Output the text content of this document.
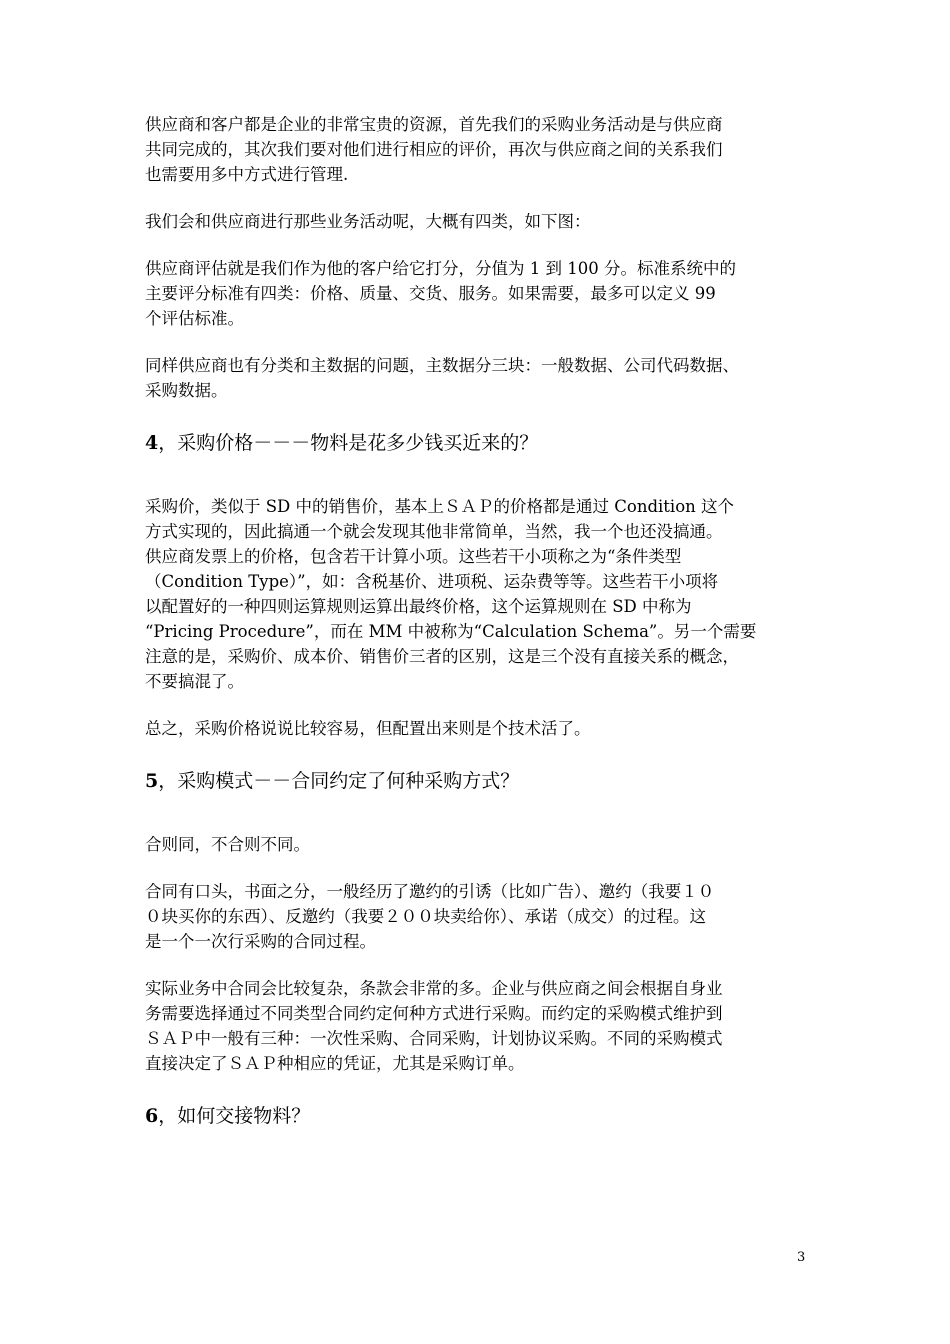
供应商和客户都是企业的非常宝贵的资源，首先我们的采购业务活动是与供应商
共同完成的，其次我们要对他们进行相应的评价，再次与供应商之间的关系我们
也需要用多中方式进行管理.

我们会和供应商进行那些业务活动呢，大概有四类，如下图：

供应商评估就是我们作为他的客户给它打分，分值为 1 到 100 分。标准系统中的
主要评分标准有四类：价格、质量、交货、服务。如果需要，最多可以定义 99
个评估标准。

同样供应商也有分类和主数据的问题，主数据分三块：一般数据、公司代码数据、
采购数据。

4，采购价格－－－物料是花多少钱买近来的？

采购价，类似于 SD 中的销售价，基本上ＳＡＰ的价格都是通过 Condition 这个
方式实现的，因此搞通一个就会发现其他非常简单，当然，我一个也还没搞通。
供应商发票上的价格，包含若干计算小项。这些若干小项称之为“条件类型
（Condition Type）”，如：含税基价、进项税、运杂费等等。这些若干小项将
以配置好的一种四则运算规则运算出最终价格，这个运算规则在 SD 中称为
“Pricing Procedure”，而在 MM 中被称为“Calculation Schema”。另一个需要
注意的是，采购价、成本价、销售价三者的区别，这是三个没有直接关系的概念，
不要搞混了。

总之，采购价格说说比较容易，但配置出来则是个技术活了。

5，采购模式－－合同约定了何种采购方式？

合则同，不合则不同。

合同有口头，书面之分，一般经历了邀约的引诱（比如广告）、邀约（我要１０
０块买你的东西）、反邀约（我要２００块卖给你）、承诺（成交）的过程。这
是一个一次行采购的合同过程。

实际业务中合同会比较复杂，条款会非常的多。企业与供应商之间会根据自身业
务需要选择通过不同类型合同约定何种方式进行采购。而约定的采购模式维护到
ＳＡＰ中一般有三种：一次性采购、合同采购，计划协议采购。不同的采购模式
直接决定了ＳＡＰ种相应的凭证，尤其是采购订单。

6，如何交接物料？
3
